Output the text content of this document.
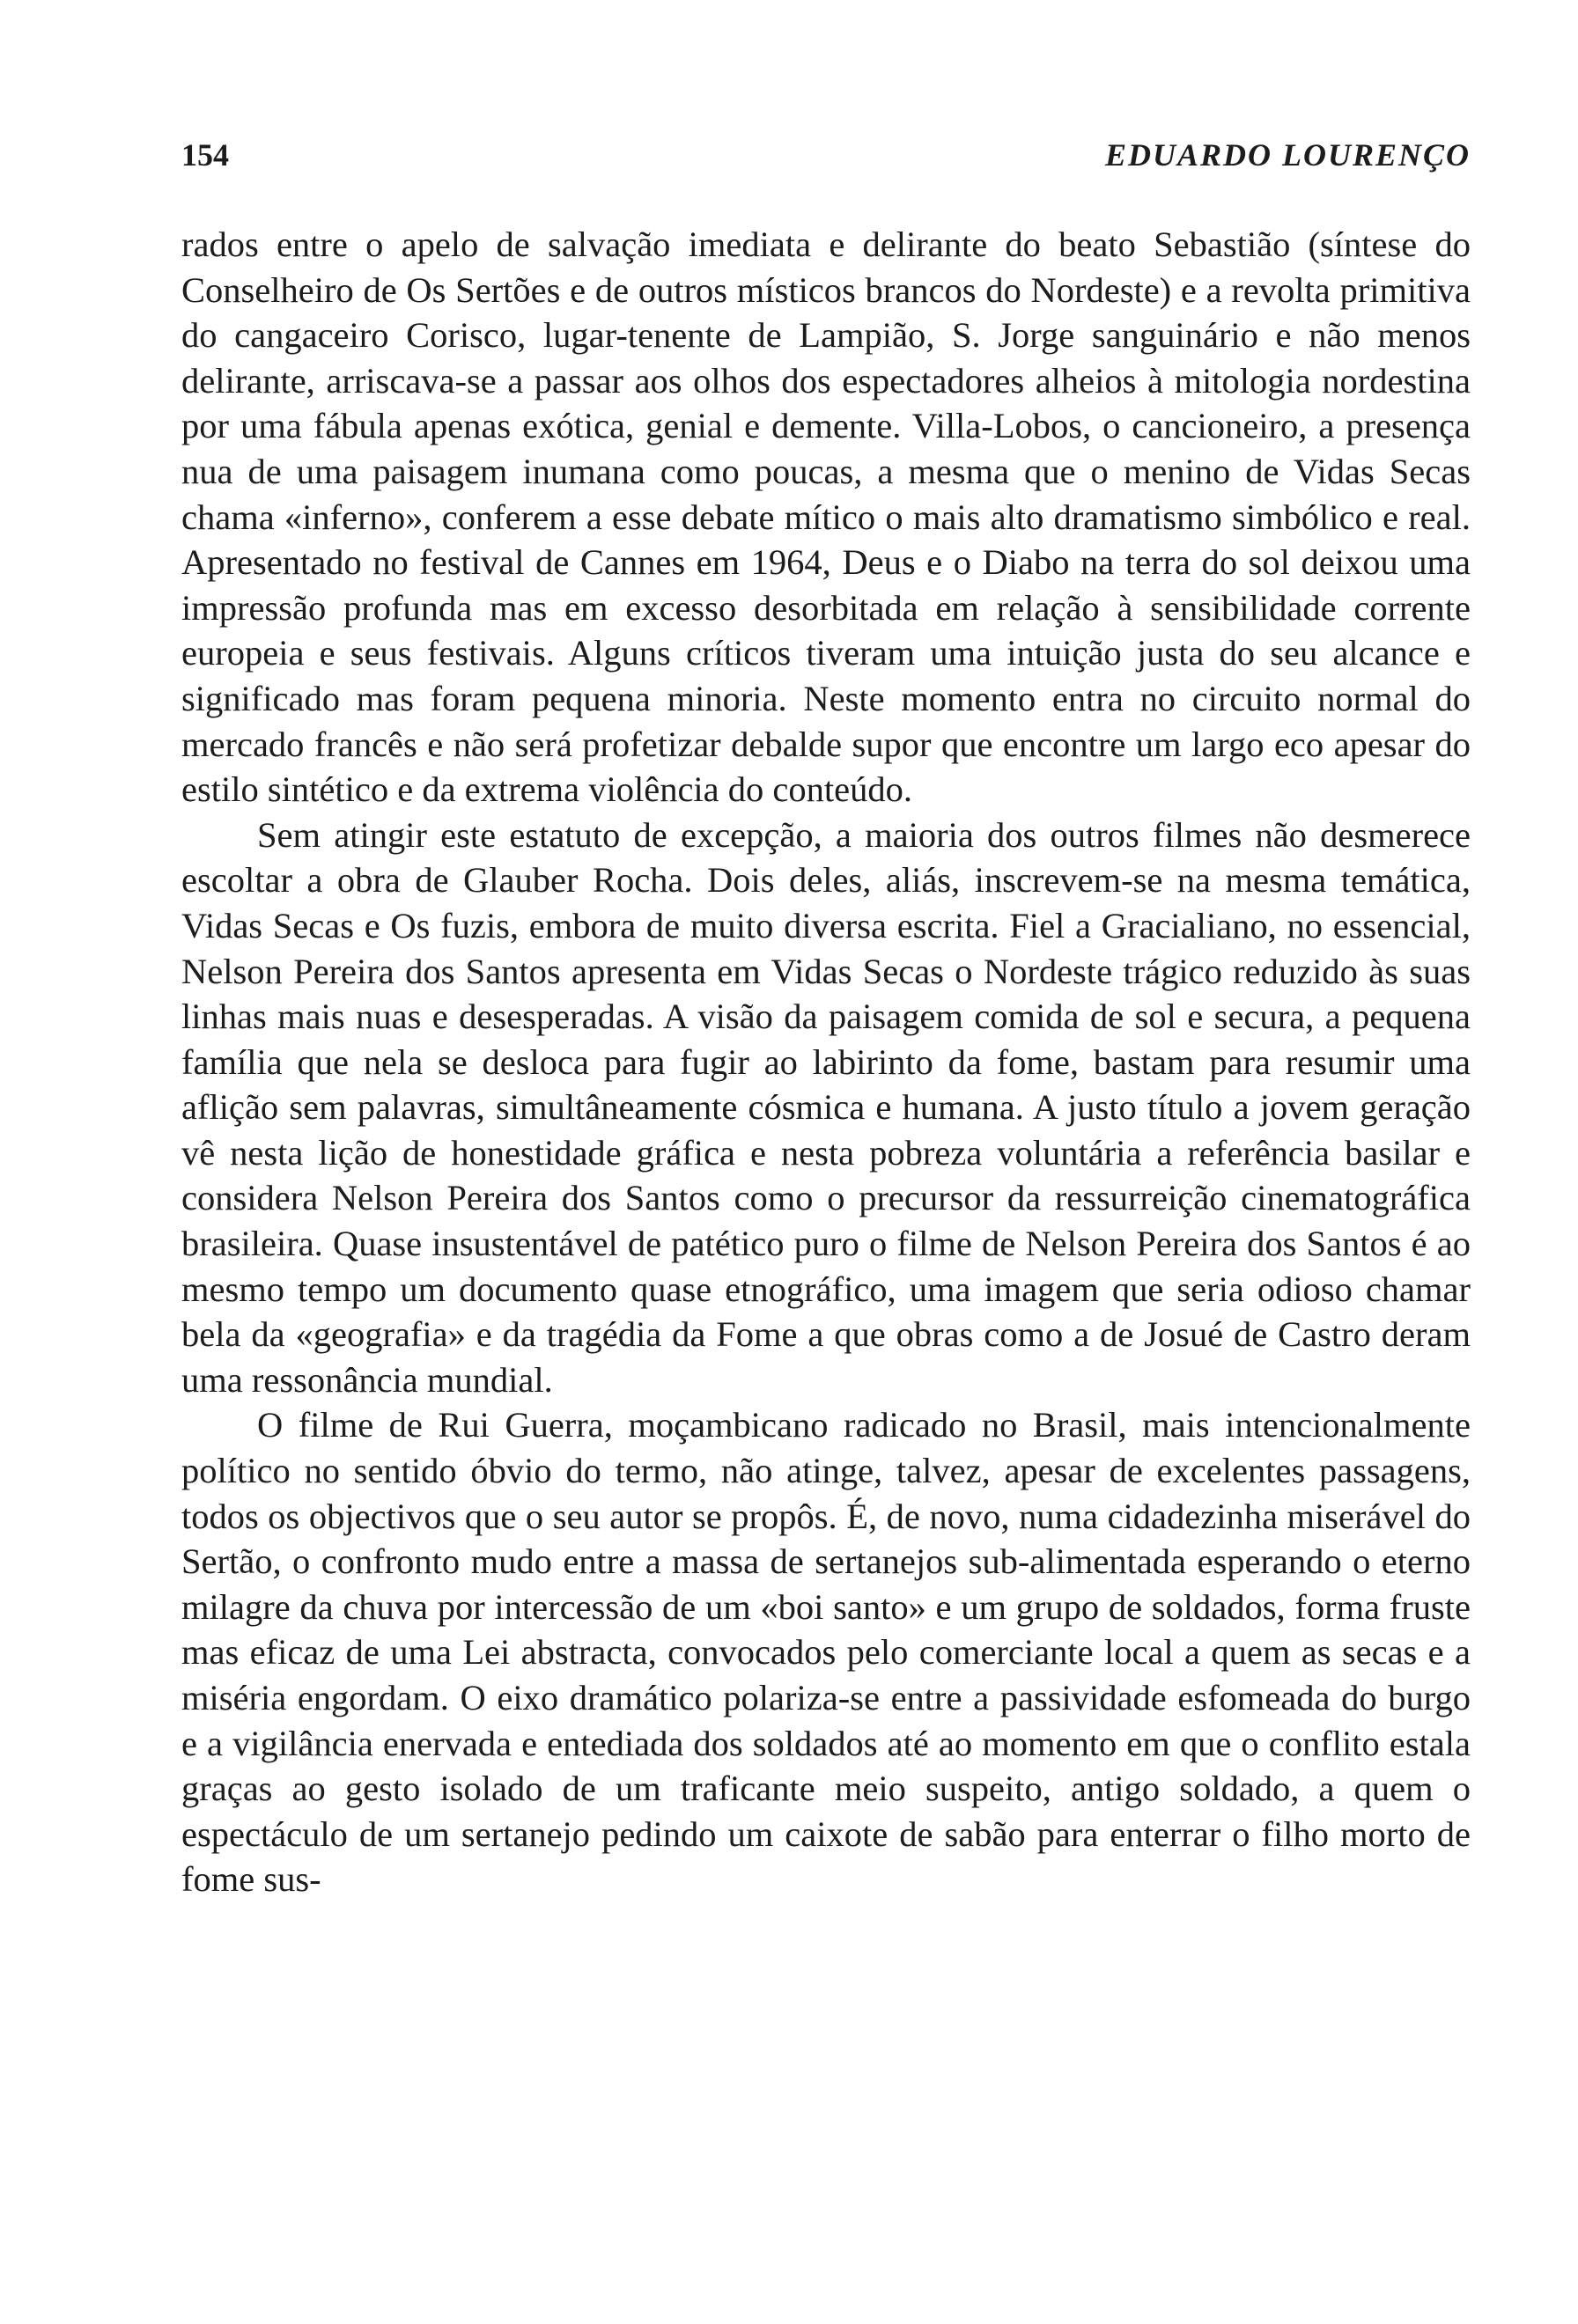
154	EDUARDO LOURENÇO

rados entre o apelo de salvação imediata e delirante do beato Sebastião (síntese do Conselheiro de Os Sertões e de outros místicos brancos do Nordeste) e a revolta primitiva do cangaceiro Corisco, lugar-tenente de Lampião, S. Jorge sanguinário e não menos delirante, arriscava-se a passar aos olhos dos espectadores alheios à mitologia nordestina por uma fábula apenas exótica, genial e demente. Villa-Lobos, o cancioneiro, a presença nua de uma paisagem inumana como poucas, a mesma que o menino de Vidas Secas chama «inferno», conferem a esse debate mítico o mais alto dramatismo simbólico e real. Apresentado no festival de Cannes em 1964, Deus e o Diabo na terra do sol deixou uma impressão profunda mas em excesso desorbitada em relação à sensibilidade corrente europeia e seus festivais. Alguns críticos tiveram uma intuição justa do seu alcance e significado mas foram pequena minoria. Neste momento entra no circuito normal do mercado francês e não será profetizar debalde supor que encontre um largo eco apesar do estilo sintético e da extrema violência do conteúdo.

Sem atingir este estatuto de excepção, a maioria dos outros filmes não desmerece escoltar a obra de Glauber Rocha. Dois deles, aliás, inscrevem-se na mesma temática, Vidas Secas e Os fuzis, embora de muito diversa escrita. Fiel a Gracialiano, no essencial, Nelson Pereira dos Santos apresenta em Vidas Secas o Nordeste trágico reduzido às suas linhas mais nuas e desesperadas. A visão da paisagem comida de sol e secura, a pequena família que nela se desloca para fugir ao labirinto da fome, bastam para resumir uma aflição sem palavras, simultâneamente cósmica e humana. A justo título a jovem geração vê nesta lição de honestidade gráfica e nesta pobreza voluntária a referência basilar e considera Nelson Pereira dos Santos como o precursor da ressurreição cinematográfica brasileira. Quase insustentável de patético puro o filme de Nelson Pereira dos Santos é ao mesmo tempo um documento quase etnográfico, uma imagem que seria odioso chamar bela da «geografia» e da tragédia da Fome a que obras como a de Josué de Castro deram uma ressonância mundial.

O filme de Rui Guerra, moçambicano radicado no Brasil, mais intencionalmente político no sentido óbvio do termo, não atinge, talvez, apesar de excelentes passagens, todos os objectivos que o seu autor se propôs. É, de novo, numa cidadezinha miserável do Sertão, o confronto mudo entre a massa de sertanejos sub-alimentada esperando o eterno milagre da chuva por intercessão de um «boi santo» e um grupo de soldados, forma fruste mas eficaz de uma Lei abstracta, convocados pelo comerciante local a quem as secas e a miséria engordam. O eixo dramático polariza-se entre a passividade esfomeada do burgo e a vigilância enervada e entediada dos soldados até ao momento em que o conflito estala graças ao gesto isolado de um traficante meio suspeito, antigo soldado, a quem o espectáculo de um sertanejo pedindo um caixote de sabão para enterrar o filho morto de fome sus-
